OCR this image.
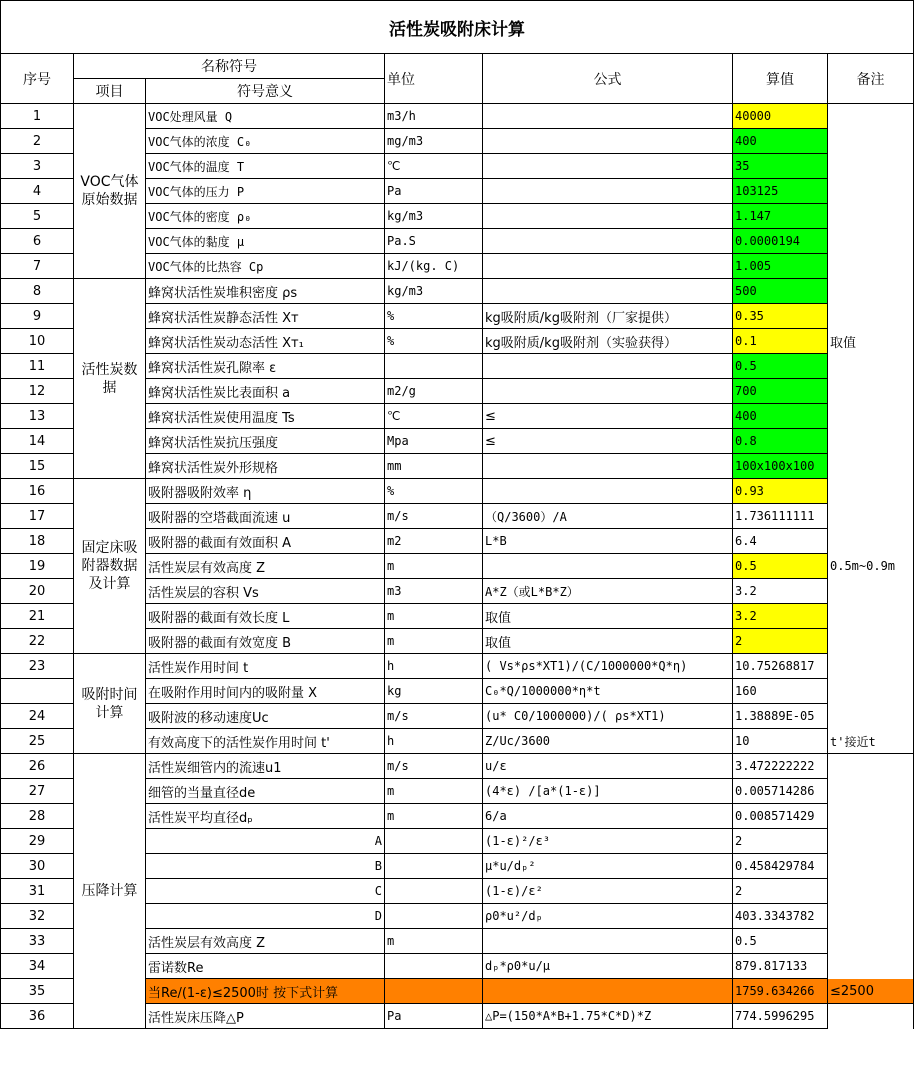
活性炭吸附床计算						
序号	名称符号		单位	公式	算值	备注
	项目	符号意义				
1	VOC气体原始数据	VOC处理风量 Q	m3/h		40000	
2		VOC气体的浓度 C₀	mg/m3		400	
3		VOC气体的温度 T	℃		35	
4		VOC气体的压力 P	Pa		103125	
5		VOC气体的密度 ρ₀	kg/m3		1.147	
6		VOC气体的黏度 μ	Pa.S		0.0000194	
7		VOC气体的比热容 Cp	kJ/(kg. C)		1.005	
8	活性炭数据	蜂窝状活性炭堆积密度 ρs	kg/m3		500	
9		蜂窝状活性炭静态活性 Xт	%	kg吸附质/kg吸附剂（厂家提供）	0.35	
10		蜂窝状活性炭动态活性 Xт₁	%	kg吸附质/kg吸附剂（实验获得）	0.1	取值
11		蜂窝状活性炭孔隙率 ε			0.5	
12		蜂窝状活性炭比表面积 a	m2/g		700	
13		蜂窝状活性炭使用温度 Ts	℃	≤	400	
14		蜂窝状活性炭抗压强度	Mpa	≤	0.8	
15		蜂窝状活性炭外形规格	mm		100x100x100	
16	固定床吸附器数据及计算	吸附器吸附效率 η	%		0.93	
17		吸附器的空塔截面流速 u	m/s	（Q/3600）/A	1.736111111	
18		吸附器的截面有效面积 A	m2	L*B	6.4	
19		活性炭层有效高度 Z	m		0.5	0.5m~0.9m
20		活性炭层的容积 Vs	m3	A*Z（或L*B*Z）	3.2	
21		吸附器的截面有效长度 L	m	取值	3.2	
22		吸附器的截面有效宽度 B	m	取值	2	
23	吸附时间计算	活性炭作用时间 t	h	( Vs*ρs*XT1)/(C/1000000*Q*η)	10.75268817	
		在吸附作用时间内的吸附量 X	kg	C₀*Q/1000000*η*t	160	
24		吸附波的移动速度Uc	m/s	(u* C0/1000000)/( ρs*XT1)	1.38889E-05	
25		有效高度下的活性炭作用时间 t'	h	Z/Uc/3600	10	t'接近t
26	压降计算	活性炭细管内的流速u1	m/s	u/ε	3.472222222	
27		细管的当量直径de	m	(4*ε) /[a*(1-ε)]	0.005714286	
28		活性炭平均直径dₚ	m	6/a	0.008571429	
29		A		(1-ε)²/ε³	2	
30		B		μ*u/dₚ²	0.458429784	
31		C		(1-ε)/ε²	2	
32		D		ρ0*u²/dₚ	403.3343782	
33		活性炭层有效高度 Z	m		0.5	
34		雷诺数Re		dₚ*ρ0*u/μ	879.817133	
35		当Re/(1-ε)≤2500时 按下式计算			1759.634266	≤2500
36		活性炭床压降△P	Pa	△P=(150*A*B+1.75*C*D)*Z	774.5996295	
